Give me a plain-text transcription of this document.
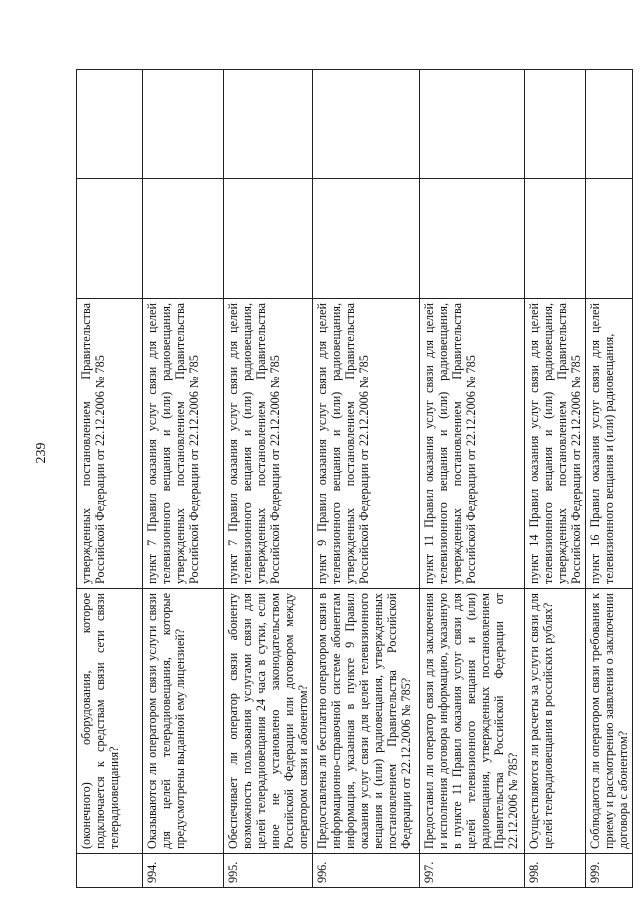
239
	(оконечного) оборудования, которое подключается к средствам связи сети связи телерадиовещания?	утвержденных постановлением Правительства Российской Федерации от 22.12.2006 № 785		
994.	Оказываются ли оператором связи услуги связи для целей телерадиовещания, которые предусмотрены выданной ему лицензией?	пункт 7 Правил оказания услуг связи для целей телевизионного вещания и (или) радиовещания, утвержденных постановлением Правительства Российской Федерации от 22.12.2006 № 785		
995.	Обеспечивает ли оператор связи абоненту возможность пользования услугами связи для целей телерадиовещания 24 часа в сутки, если иное не установлено законодательством Российской Федерации или договором между оператором связи и абонентом?	пункт 7 Правил оказания услуг связи для целей телевизионного вещания и (или) радиовещания, утвержденных постановлением Правительства Российской Федерации от 22.12.2006 № 785		
996.	Предоставлена ли бесплатно оператором связи в информационно-справочной системе абонентам информация, указанная в пункте 9 Правил оказания услуг связи для целей телевизионного вещания и (или) радиовещания, утвержденных постановлением Правительства Российской Федерации от 22.12.2006 № 785?	пункт 9 Правил оказания услуг связи для целей телевизионного вещания и (или) радиовещания, утвержденных постановлением Правительства Российской Федерации от 22.12.2006 № 785		
997.	Предоставил ли оператор связи для заключения и исполнения договора информацию, указанную в пункте 11 Правил оказания услуг связи для целей телевизионного вещания и (или) радиовещания, утвержденных постановлением Правительства Российской Федерации от 22.12.2006 № 785?	пункт 11 Правил оказания услуг связи для целей телевизионного вещания и (или) радиовещания, утвержденных постановлением Правительства Российской Федерации от 22.12.2006 № 785		
998.	Осуществляются ли расчеты за услуги связи для целей телерадиовещания в российских рублях?	пункт 14 Правил оказания услуг связи для целей телевизионного вещания и (или) радиовещания, утвержденных постановлением Правительства Российской Федерации от 22.12.2006 № 785		
999.	Соблюдаются ли оператором связи требования к приему и рассмотрению заявления о заключении договора с абонентом?	пункт 16 Правил оказания услуг связи для целей телевизионного вещания и (или) радиовещания,		
